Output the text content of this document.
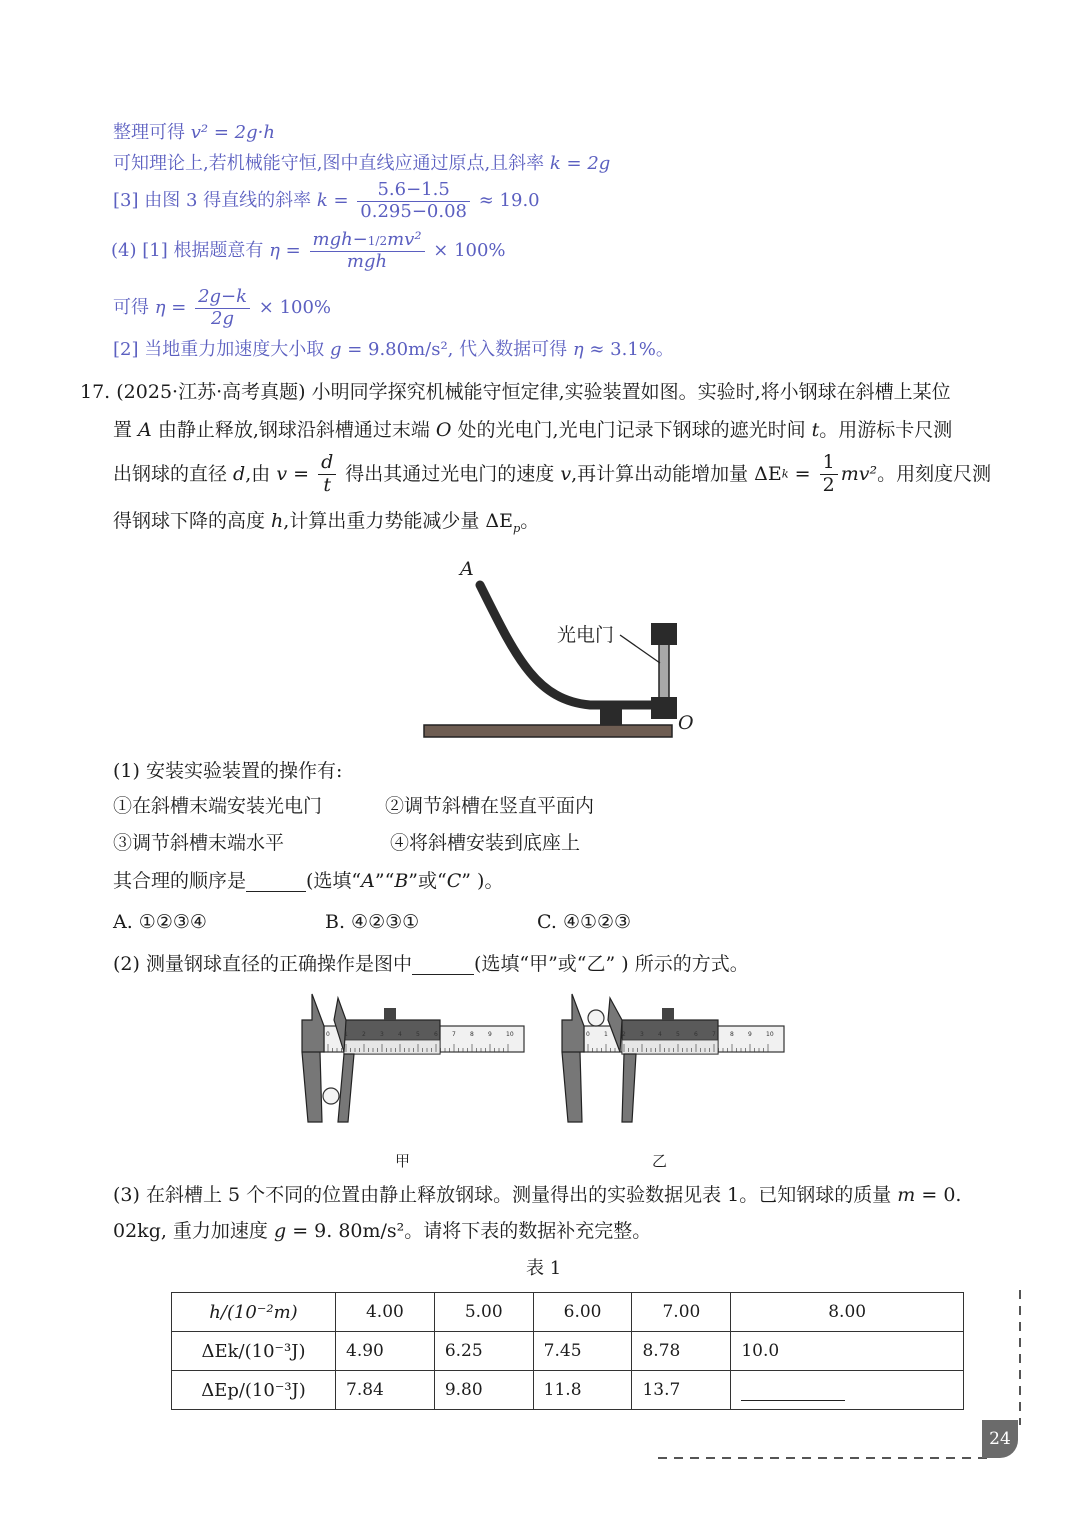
整理可得 v² = 2g·h
可知理论上,若机械能守恒,图中直线应通过原点,且斜率 k = 2g
[3] 由图 3 得直线的斜率 $k = \frac{5.6-1.5}{0.295-0.08} \approx 19.0$
(4) [1] 根据题意有 $\eta = \frac{\text{mgh−1/2mv²}}{\text{mgh}} \times 100\%$
可得 $\eta = \frac{2g-k}{2g} \times 100\%$
[2] 当地重力加速度大小取 g = 9.80m/s², 代入数据可得 η ≈ 3.1%。
17. (2025·江苏·高考真题) 小明同学探究机械能守恒定律,实验装置如图。实验时,将小钢球在斜槽上某位
置 A 由静止释放,钢球沿斜槽通过末端 O 处的光电门,光电门记录下钢球的遮光时间 t。用游标卡尺测
出钢球的直径 d,由 $v = \frac{d}{t}$ 得出其通过光电门的速度 v,再计算出动能增加量 $\Delta Ek = \frac{1}{2} mv^2$。用刻度尺测
得钢球下降的高度 h,计算出重力势能减少量 $\Delta E_p$。
A
O
光电门
(1) 安装实验装置的操作有:
①在斜槽末端安装光电门	②调节斜槽在竖直平面内
③调节斜槽末端水平	④将斜槽安装到底座上
其合理的顺序是	(选填“A”“B”或“C” )。
A. ①②③④	B. ④②③①	C. ④①②③
(2) 测量钢球直径的正确操作是图中	(选填“甲”或“乙” ) 所示的方式。
0 1 2 3 4 5 6 7 8 9 10	0 1 2 3 4 5 6 7 8 9 10
甲	乙
(3) 在斜槽上 5 个不同的位置由静止释放钢球。测量得出的实验数据见表 1。已知钢球的质量 m = 0.
02kg, 重力加速度 g = 9. 80m/s²。请将下表的数据补充完整。
表 1
h/(10⁻²m)	4.00	5.00	6.00	7.00	8.00
ΔEk/(10⁻³J)	4.90	6.25	7.45	8.78	10.0
ΔEp/(10⁻³J)	7.84	9.80	11.8	13.7	
24
